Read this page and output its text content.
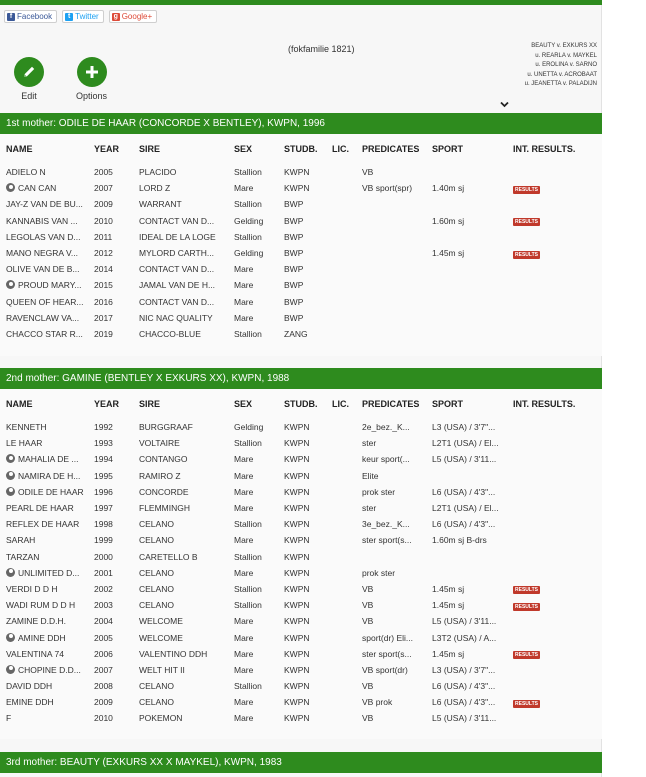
f Facebook	t Twitter g Google+
Edit	Options
(fokfamilie 1821)	BEAUTY v. EXKURS XX
u. REARLA v. MAYKEL
u. EROLINA v. SARNO
u. UNETTA v. ACROBAAT
u. JEANETTA v. PALADIJN
1st mother: ODILE DE HAAR (CONCORDE X BENTLEY), KWPN, 1996
NAME	YEAR	SIRE	SEX	STUDB.	LIC.	PREDICATES	SPORT	INT. RESULTS.
ADIELO N	2005	PLACIDO	Stallion	KWPN		VB		
CAN CAN	2007	LORD Z	Mare	KWPN		VB sport(spr)	1.40m sj	RESULTS
JAY-Z VAN DE BU...	2009	WARRANT	Stallion	BWP				
KANNABIS VAN ...	2010	CONTACT VAN D...	Gelding	BWP			1.60m sj	RESULTS
LEGOLAS VAN D...	2011	IDEAL DE LA LOGE	Stallion	BWP				
MANO NEGRA V...	2012	MYLORD CARTH...	Gelding	BWP			1.45m sj	RESULTS
OLIVE VAN DE B...	2014	CONTACT VAN D...	Mare	BWP				
PROUD MARY...	2015	JAMAL VAN DE H...	Mare	BWP				
QUEEN OF HEAR...	2016	CONTACT VAN D...	Mare	BWP				
RAVENCLAW VA...	2017	NIC NAC QUALITY	Mare	BWP				
CHACCO STAR R...	2019	CHACCO-BLUE	Stallion	ZANG				
2nd mother: GAMINE (BENTLEY X EXKURS XX), KWPN, 1988
NAME	YEAR	SIRE	SEX	STUDB.	LIC.	PREDICATES	SPORT	INT. RESULTS.
KENNETH	1992	BURGGRAAF	Gelding	KWPN		2e_bez._K...	L3 (USA) / 3'7"...	
LE HAAR	1993	VOLTAIRE	Stallion	KWPN		ster	L2T1 (USA) / El...	
MAHALIA DE ...	1994	CONTANGO	Mare	KWPN		keur sport(...	L5 (USA) / 3'11...	
NAMIRA DE H...	1995	RAMIRO Z	Mare	KWPN		Elite		
ODILE DE HAAR	1996	CONCORDE	Mare	KWPN		prok ster	L6 (USA) / 4'3"...	
PEARL DE HAAR	1997	FLEMMINGH	Mare	KWPN		ster	L2T1 (USA) / El...	
REFLEX DE HAAR	1998	CELANO	Stallion	KWPN		3e_bez._K...	L6 (USA) / 4'3"...	
SARAH	1999	CELANO	Mare	KWPN		ster sport(s...	1.60m sj B-drs	
TARZAN	2000	CARETELLO B	Stallion	KWPN				
UNLIMITED D...	2001	CELANO	Mare	KWPN		prok ster		
VERDI D D H	2002	CELANO	Stallion	KWPN		VB	1.45m sj	RESULTS
WADI RUM D D H	2003	CELANO	Stallion	KWPN		VB	1.45m sj	RESULTS
ZAMINE D.D.H.	2004	WELCOME	Mare	KWPN		VB	L5 (USA) / 3'11...	
AMINE DDH	2005	WELCOME	Mare	KWPN		sport(dr) Eli...	L3T2 (USA) / A...	
VALENTINA 74	2006	VALENTINO DDH	Mare	KWPN		ster sport(s...	1.45m sj	RESULTS
CHOPINE D.D...	2007	WELT HIT II	Mare	KWPN		VB sport(dr)	L3 (USA) / 3'7"...	
DAVID DDH	2008	CELANO	Stallion	KWPN		VB	L6 (USA) / 4'3"...	
EMINE DDH	2009	CELANO	Mare	KWPN		VB prok	L6 (USA) / 4'3"...	RESULTS
F	2010	POKEMON	Mare	KWPN		VB	L5 (USA) / 3'11...	
3rd mother: BEAUTY (EXKURS XX X MAYKEL), KWPN, 1983
